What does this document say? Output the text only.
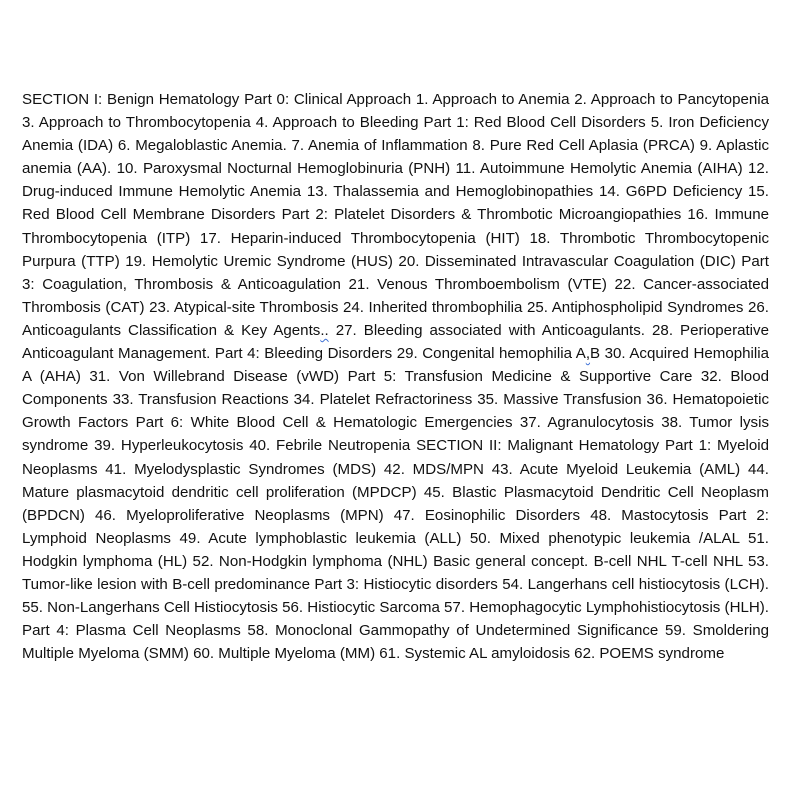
SECTION I: Benign Hematology Part 0: Clinical Approach 1. Approach to Anemia 2. Approach to Pancytopenia 3. Approach to Thrombocytopenia 4. Approach to Bleeding Part 1: Red Blood Cell Disorders 5. Iron Deficiency Anemia (IDA) 6. Megaloblastic Anemia. 7. Anemia of Inflammation 8. Pure Red Cell Aplasia (PRCA) 9. Aplastic anemia (AA). 10. Paroxysmal Nocturnal Hemoglobinuria (PNH) 11. Autoimmune Hemolytic Anemia (AIHA) 12. Drug-induced Immune Hemolytic Anemia 13. Thalassemia and Hemoglobinopathies 14. G6PD Deficiency 15. Red Blood Cell Membrane Disorders Part 2: Platelet Disorders & Thrombotic Microangiopathies 16. Immune Thrombocytopenia (ITP) 17. Heparin-induced Thrombocytopenia (HIT) 18. Thrombotic Thrombocytopenic Purpura (TTP) 19. Hemolytic Uremic Syndrome (HUS) 20. Disseminated Intravascular Coagulation (DIC) Part 3: Coagulation, Thrombosis & Anticoagulation 21. Venous Thromboembolism (VTE) 22. Cancer-associated Thrombosis (CAT) 23. Atypical-site Thrombosis 24. Inherited thrombophilia 25. Antiphospholipid Syndromes 26. Anticoagulants Classification & Key Agents.. 27. Bleeding associated with Anticoagulants. 28. Perioperative Anticoagulant Management. Part 4: Bleeding Disorders 29. Congenital hemophilia A,B 30. Acquired Hemophilia A (AHA) 31. Von Willebrand Disease (vWD) Part 5: Transfusion Medicine & Supportive Care 32. Blood Components 33. Transfusion Reactions 34. Platelet Refractoriness 35. Massive Transfusion 36. Hematopoietic Growth Factors Part 6: White Blood Cell & Hematologic Emergencies 37. Agranulocytosis 38. Tumor lysis syndrome 39. Hyperleukocytosis 40. Febrile Neutropenia SECTION II: Malignant Hematology Part 1: Myeloid Neoplasms 41. Myelodysplastic Syndromes (MDS) 42. MDS/MPN 43. Acute Myeloid Leukemia (AML) 44. Mature plasmacytoid dendritic cell proliferation (MPDCP) 45. Blastic Plasmacytoid Dendritic Cell Neoplasm (BPDCN) 46. Myeloproliferative Neoplasms (MPN) 47. Eosinophilic Disorders 48. Mastocytosis Part 2: Lymphoid Neoplasms 49. Acute lymphoblastic leukemia (ALL) 50. Mixed phenotypic leukemia /ALAL 51. Hodgkin lymphoma (HL) 52. Non-Hodgkin lymphoma (NHL) Basic general concept. B-cell NHL T-cell NHL 53. Tumor-like lesion with B-cell predominance Part 3: Histiocytic disorders 54. Langerhans cell histiocytosis (LCH). 55. Non-Langerhans Cell Histiocytosis 56. Histiocytic Sarcoma 57. Hemophagocytic Lymphohistiocytosis (HLH). Part 4: Plasma Cell Neoplasms 58. Monoclonal Gammopathy of Undetermined Significance 59. Smoldering Multiple Myeloma (SMM) 60. Multiple Myeloma (MM) 61. Systemic AL amyloidosis 62. POEMS syndrome
